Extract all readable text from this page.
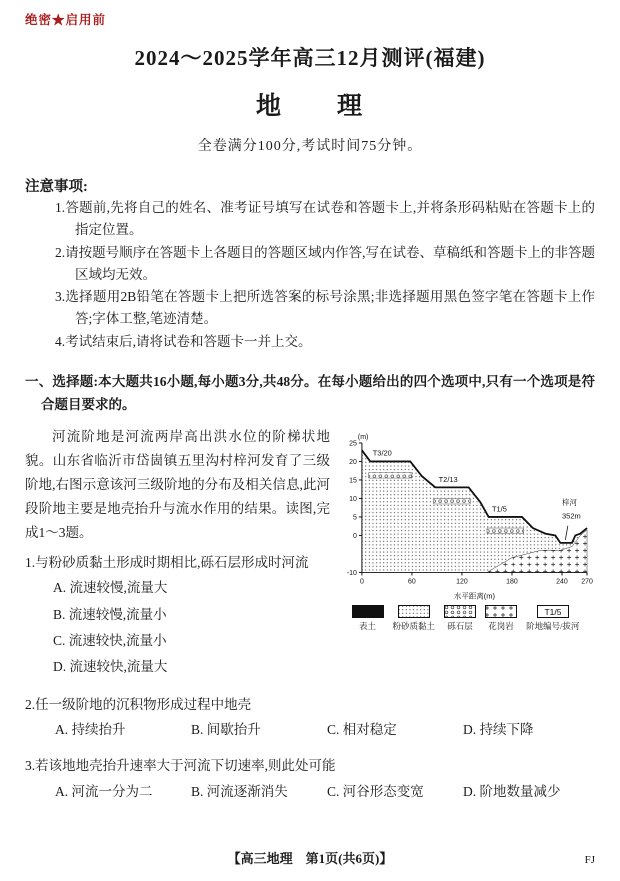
绝密★启用前
2024～2025学年高三12月测评(福建)
地　　理
全卷满分100分,考试时间75分钟。
注意事项:
1.答题前,先将自己的姓名、准考证号填写在试卷和答题卡上,并将条形码粘贴在答题卡上的指定位置。
2.请按题号顺序在答题卡上各题目的答题区域内作答,写在试卷、草稿纸和答题卡上的非答题区域均无效。
3.选择题用2B铅笔在答题卡上把所选答案的标号涂黑;非选择题用黑色签字笔在答题卡上作答;字体工整,笔迹清楚。
4.考试结束后,请将试卷和答题卡一并上交。
一、选择题:本大题共16小题,每小题3分,共48分。在每小题给出的四个选项中,只有一个选项是符合题目要求的。

河流阶地是河流两岸高出洪水位的阶梯状地貌。山东省临沂市岱崮镇五里沟村梓河发育了三级阶地,右图示意该河三级阶地的分布及相关信息,此河段阶地主要是地壳抬升与流水作用的结果。读图,完成1～3题。

1.与粉砂质黏土形成时期相比,砾石层形成时河流
A. 流速较慢,流量大
B. 流速较慢,流量小
C. 流速较快,流量小
D. 流速较快,流量大
25
20
15
10
5
0
-10
0	60	120	180	240 270
(m)
水平距离(m)
T3/20
T2/13
T1/5
梓河
352m
表土 粉砂质黏土 砾石层 花岗岩
T1/5
阶地编号/拔河
2.任一级阶地的沉积物形成过程中地壳
A. 持续抬升	B. 间歇抬升	C. 相对稳定	D. 持续下降
3.若该地地壳抬升速率大于河流下切速率,则此处可能
A. 河流一分为二	B. 河流逐渐消失	C. 河谷形态变宽	D. 阶地数量减少
【高三地理　第1页(共6页)】	FJ
